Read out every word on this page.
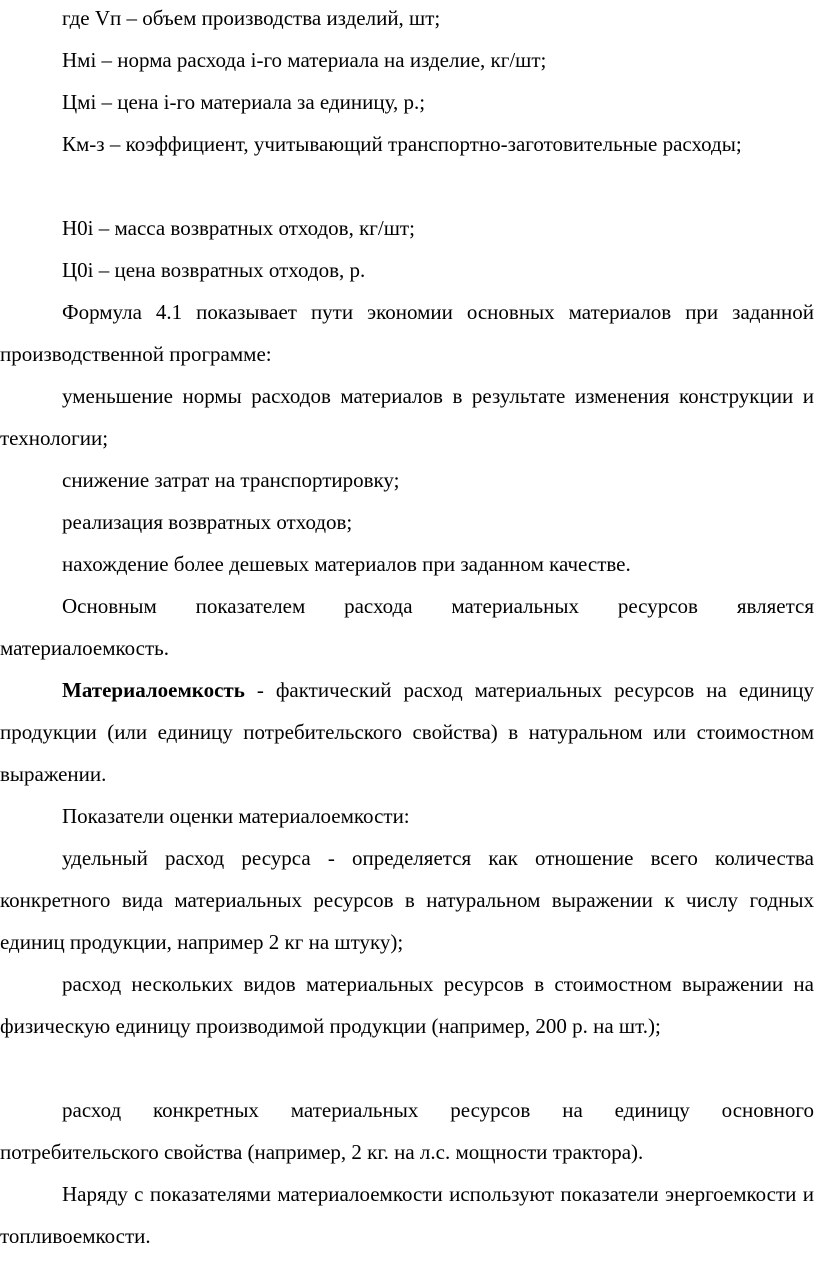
где Vп – объем производства изделий, шт;

Нмi – норма расхода i-го материала на изделие, кг/шт;

Цмi – цена i-го материала за единицу, р.;

Км-з – коэффициент, учитывающий транспортно-заготовительные расходы;

Н0i – масса возвратных отходов, кг/шт;

Ц0i – цена возвратных отходов, р.

Формула 4.1 показывает пути экономии основных материалов при заданной производственной программе:

уменьшение нормы расходов материалов в результате изменения конструкции и технологии;

снижение затрат на транспортировку;

реализация возвратных отходов;

нахождение более дешевых материалов при заданном качестве.

Основным показателем расхода материальных ресурсов является материалоемкость.

Материалоемкость - фактический расход материальных ресурсов на единицу продукции (или единицу потребительского свойства) в натуральном или стоимостном выражении.

Показатели оценки материалоемкости:

удельный расход ресурса - определяется как отношение всего количества конкретного вида материальных ресурсов в натуральном выражении к числу годных единиц продукции, например 2 кг на штуку);

расход нескольких видов материальных ресурсов в стоимостном выражении на физическую единицу производимой продукции (например, 200 р. на шт.);

расход конкретных материальных ресурсов на единицу основного потребительского свойства (например, 2 кг. на л.с. мощности трактора).

Наряду с показателями материалоемкости используют показатели энергоемкости и топливоемкости.
